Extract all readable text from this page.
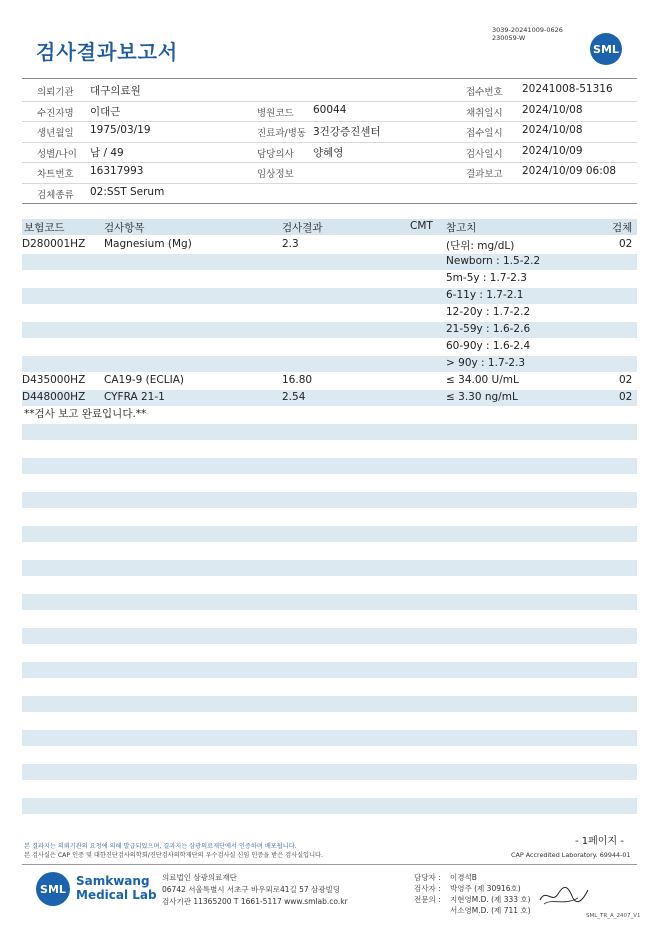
검사결과보고서
3039-20241009-0626
230059-W
SML
의뢰기관 대구의료원
수진자명 이대근
생년월일 1975/03/19
성별/나이 남 / 49
차트번호 16317993
검체종류 02:SST Serum
병원코드 60044
진료과/병동 3건강증진센터
담당의사 양혜영
임상정보
접수번호 20241008-51316
채취일시 2024/10/08
접수일시 2024/10/08
검사일시 2024/10/09
결과보고 2024/10/09 06:08
보험코드	검사항목	검사결과	CMT 참고치	검체
D280001HZ Magnesium (Mg)	2.3	(단위: mg/dL)	02
Newborn : 1.5-2.2
5m-5y : 1.7-2.3
6-11y : 1.7-2.1
12-20y : 1.7-2.2
21-59y : 1.6-2.6
60-90y : 1.6-2.4
> 90y : 1.7-2.3
D435000HZ CA19-9 (ECLIA)	16.80	≤ 34.00 U/mL	02
D448000HZ CYFRA 21-1	2.54	≤ 3.30 ng/mL	02
**검사 보고 완료입니다.**
- 1페이지 -
본 결과지는 의뢰기관의 요청에 의해 발급되었으며, 결과지는 삼광의료재단에서 인증하며 배포됩니다.
본 검사실은 CAP 인증 및 대한진단검사의학회/진단검사의학재단의 우수검사실 신임 인증을 받은 검사실입니다.	CAP Accredited Laboratory. 69944-01
SML
Samkwang
Medical Lab
의료법인 삼광의료재단
06742 서울특별시 서초구 바우뫼로41길 57 삼광빌딩
검사기관 11365200 T 1661-5117 www.smlab.co.kr
담당자 : 이경석B
검사자 : 박영주 (제 30916호)
전문의 : 지현영M.D. (제 333 호)
서소영M.D. (제 711 호)
SML_TR_A_2407_V1
